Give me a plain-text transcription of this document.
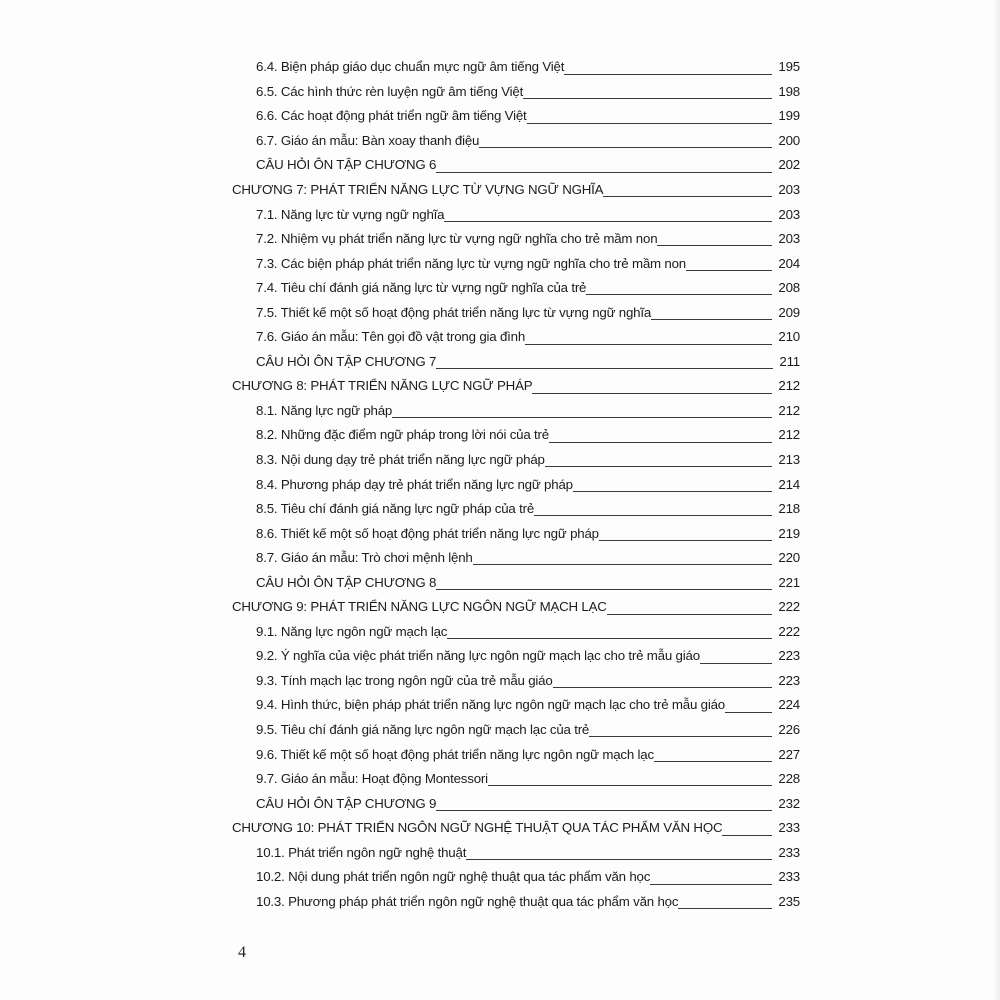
6.4. Biện pháp giáo dục chuẩn mực ngữ âm tiếng Việt	195
6.5. Các hình thức rèn luyện ngữ âm tiếng Việt	198
6.6. Các hoạt động phát triển ngữ âm tiếng Việt	199
6.7. Giáo án mẫu: Bàn xoay thanh điệu	200
CÂU HỎI ÔN TẬP CHƯƠNG 6	202
CHƯƠNG 7: PHÁT TRIỂN NĂNG LỰC TỪ VỰNG NGỮ NGHĨA	203
7.1. Năng lực từ vựng ngữ nghĩa	203
7.2. Nhiệm vụ phát triển năng lực từ vựng ngữ nghĩa cho trẻ mầm non	203
7.3. Các biện pháp phát triển năng lực từ vựng ngữ nghĩa cho trẻ mầm non	204
7.4. Tiêu chí đánh giá năng lực từ vựng ngữ nghĩa của trẻ	208
7.5. Thiết kế một số hoạt động phát triển năng lực từ vựng ngữ nghĩa	209
7.6. Giáo án mẫu: Tên gọi đồ vật trong gia đình	210
CÂU HỎI ÔN TẬP CHƯƠNG 7	211
CHƯƠNG 8: PHÁT TRIỂN NĂNG LỰC NGỮ PHÁP	212
8.1. Năng lực ngữ pháp	212
8.2. Những đặc điểm ngữ pháp trong lời nói của trẻ	212
8.3. Nội dung dạy trẻ phát triển năng lực ngữ pháp	213
8.4. Phương pháp dạy trẻ phát triển năng lực ngữ pháp	214
8.5. Tiêu chí đánh giá năng lực ngữ pháp của trẻ	218
8.6. Thiết kế một số hoạt động phát triển năng lực ngữ pháp	219
8.7. Giáo án mẫu: Trò chơi mệnh lệnh	220
CÂU HỎI ÔN TẬP CHƯƠNG 8	221
CHƯƠNG 9: PHÁT TRIỂN NĂNG LỰC NGÔN NGỮ MẠCH LẠC	222
9.1. Năng lực ngôn ngữ mạch lạc	222
9.2. Ý nghĩa của việc phát triển năng lực ngôn ngữ mạch lạc cho trẻ mẫu giáo	223
9.3. Tính mạch lạc trong ngôn ngữ của trẻ mẫu giáo	223
9.4. Hình thức, biện pháp phát triển năng lực ngôn ngữ mạch lạc cho trẻ mẫu giáo	224
9.5. Tiêu chí đánh giá năng lực ngôn ngữ mạch lạc của trẻ	226
9.6. Thiết kế một số hoạt động phát triển năng lực ngôn ngữ mạch lạc	227
9.7. Giáo án mẫu: Hoạt động Montessori	228
CÂU HỎI ÔN TẬP CHƯƠNG 9	232
CHƯƠNG 10: PHÁT TRIỂN NGÔN NGỮ NGHỆ THUẬT QUA TÁC PHẨM VĂN HỌC	233
10.1. Phát triển ngôn ngữ nghệ thuật	233
10.2. Nội dung phát triển ngôn ngữ nghệ thuật qua tác phẩm văn học	233
10.3. Phương pháp phát triển ngôn ngữ nghệ thuật qua tác phẩm văn học	235
4
